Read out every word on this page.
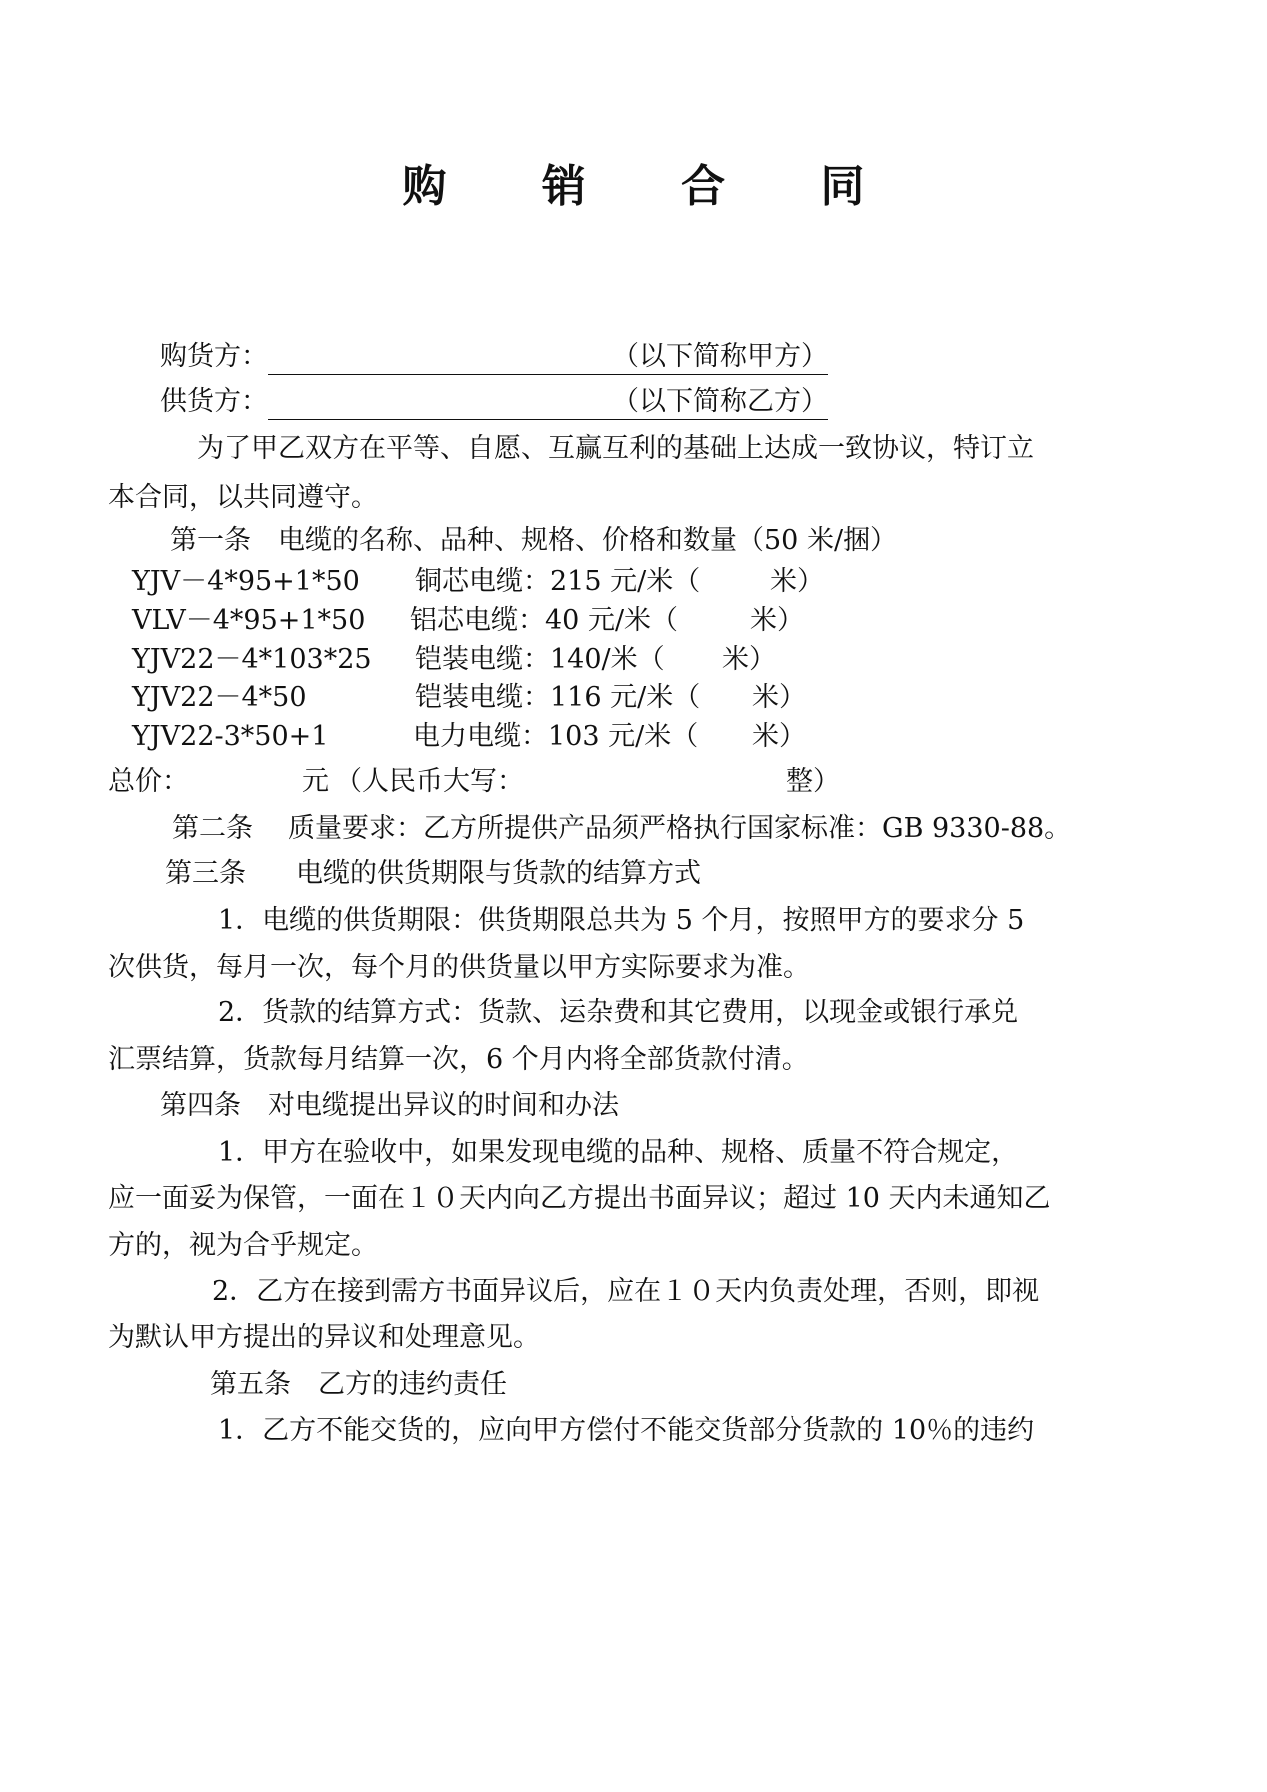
购 销 合 同
购货方：	（以下简称甲方）

供货方：	（以下简称乙方）

为了甲乙双方在平等、自愿、互赢互利的基础上达成一致协议，特订立
本合同，以共同遵守。
第一条　电缆的名称、品种、规格、价格和数量（50 米/捆）
YJV－4*95+1*50 铜芯电缆：215 元/米（	米）
VLV－4*95+1*50 铝芯电缆：40 元/米（	米）
YJV22－4*103*25 铠装电缆：140/米（ 米）
YJV22－4*50	铠装电缆：116 元/米（ 米）
YJV22-3*50+1	电力电缆：103 元/米（ 米）
总价：	元 （人民币大写：	整）
第二条 质量要求：乙方所提供产品须严格执行国家标准：GB 9330-88。
第三条 电缆的供货期限与货款的结算方式
1．电缆的供货期限：供货期限总共为 5 个月，按照甲方的要求分 5
次供货，每月一次，每个月的供货量以甲方实际要求为准。
2．货款的结算方式：货款、运杂费和其它费用，以现金或银行承兑
汇票结算，货款每月结算一次，6 个月内将全部货款付清。
第四条　对电缆提出异议的时间和办法
1．甲方在验收中，如果发现电缆的品种、规格、质量不符合规定，
应一面妥为保管，一面在１０天内向乙方提出书面异议；超过 10 天内未通知乙
方的，视为合乎规定。
2．乙方在接到需方书面异议后，应在１０天内负责处理，否则，即视
为默认甲方提出的异议和处理意见。
第五条　乙方的违约责任
1．乙方不能交货的，应向甲方偿付不能交货部分货款的 10％的违约
